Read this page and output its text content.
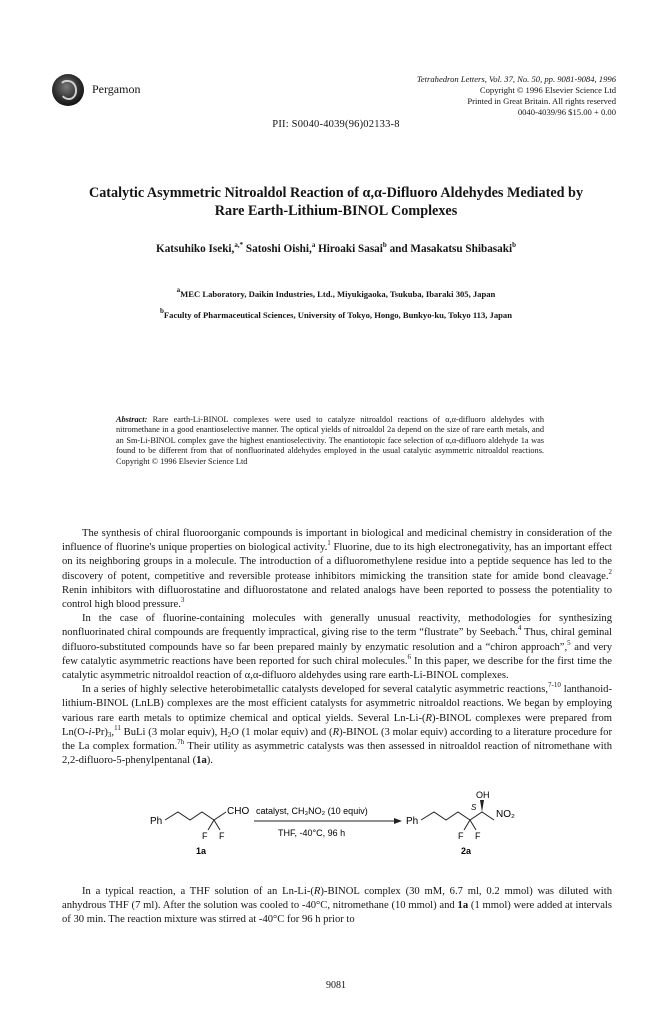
Pergamon
Tetrahedron Letters, Vol. 37, No. 50, pp. 9081-9084, 1996
Copyright © 1996 Elsevier Science Ltd
Printed in Great Britain. All rights reserved
0040-4039/96 $15.00 + 0.00
PII: S0040-4039(96)02133-8
Catalytic Asymmetric Nitroaldol Reaction of α,α-Difluoro Aldehydes Mediated by
Rare Earth-Lithium-BINOL Complexes
Katsuhiko Iseki,$^{a,*}$ Satoshi Oishi,$^a$ Hiroaki Sasai$^b$ and Masakatsu Shibasaki$^b$
$^a$MEC Laboratory, Daikin Industries, Ltd., Miyukigaoka, Tsukuba, Ibaraki 305, Japan
$^b$Faculty of Pharmaceutical Sciences, University of Tokyo, Hongo, Bunkyo-ku, Tokyo 113, Japan
Abstract: Rare earth-Li-BINOL complexes were used to catalyze nitroaldol reactions of α,α-difluoro aldehydes with nitromethane in a good enantioselective manner. The optical yields of nitroaldol 2a depend on the size of rare earth metals, and an Sm-Li-BINOL complex gave the highest enantioselectivity. The enantiotopic face selection of α,α-difluoro aldehyde 1a was found to be different from that of nonfluorinated aldehydes employed in the usual catalytic asymmetric nitroaldol reactions. Copyright © 1996 Elsevier Science Ltd

The synthesis of chiral fluoroorganic compounds is important in biological and medicinal chemistry in consideration of the influence of fluorine's unique properties on biological activity.$^1$ Fluorine, due to its high electronegativity, has an important effect on its neighboring groups in a molecule. The introduction of a difluoromethylene residue into a peptide sequence has led to the discovery of potent, competitive and reversible protease inhibitors mimicking the transition state for amide bond cleavage.$^2$ Renin inhibitors with difluorostatine and difluorostatone and related analogs have been reported to possess the potentiality to control high blood pressure.$^3$

In the case of fluorine-containing molecules with generally unusual reactivity, methodologies for synthesizing nonfluorinated chiral compounds are frequently impractical, giving rise to the term “flustrate” by Seebach.$^4$ Thus, chiral geminal difluoro-substituted compounds have so far been prepared mainly by enzymatic resolution and a “chiron approach”,$^5$ and very few catalytic asymmetric reactions have been reported for such chiral molecules.$^6$ In this paper, we describe for the first time the catalytic asymmetric nitroaldol reaction of α,α-difluoro aldehydes using rare earth-Li-BINOL complexes.

In a series of highly selective heterobimetallic catalysts developed for several catalytic asymmetric reactions,$^{7-10}$ lanthanoid-lithium-BINOL (LnLB) complexes are the most efficient catalysts for asymmetric nitroaldol reactions. We began by employing various rare earth metals to optimize chemical and optical yields. Several Ln-Li-(R)-BINOL complexes were prepared from $Ln(O-i-Pr)_3,^{11}$ BuLi (3 molar equiv), $H_2O$ (1 molar equiv) and (R)-BINOL (3 molar equiv) according to a literature procedure for the La complex formation.$^{7h}$ Their utility as asymmetric catalysts was then assessed in nitroaldol reaction of nitromethane with 2,2-difluoro-5-phenylpentanal (1a).

Ph
CHO
F F
1a
catalyst, CH₃NO₂ (10 equiv)
THF, -40°C, 96 h
Ph
OH
S
NO₂
F F
2a

In a typical reaction, a THF solution of an Ln-Li-(R)-BINOL complex (30 mM, 6.7 ml, 0.2 mmol) was diluted with anhydrous THF (7 ml). After the solution was cooled to -40°C, nitromethane (10 mmol) and 1a (1 mmol) were added at intervals of 30 min. The reaction mixture was stirred at -40°C for 96 h prior to

9081
